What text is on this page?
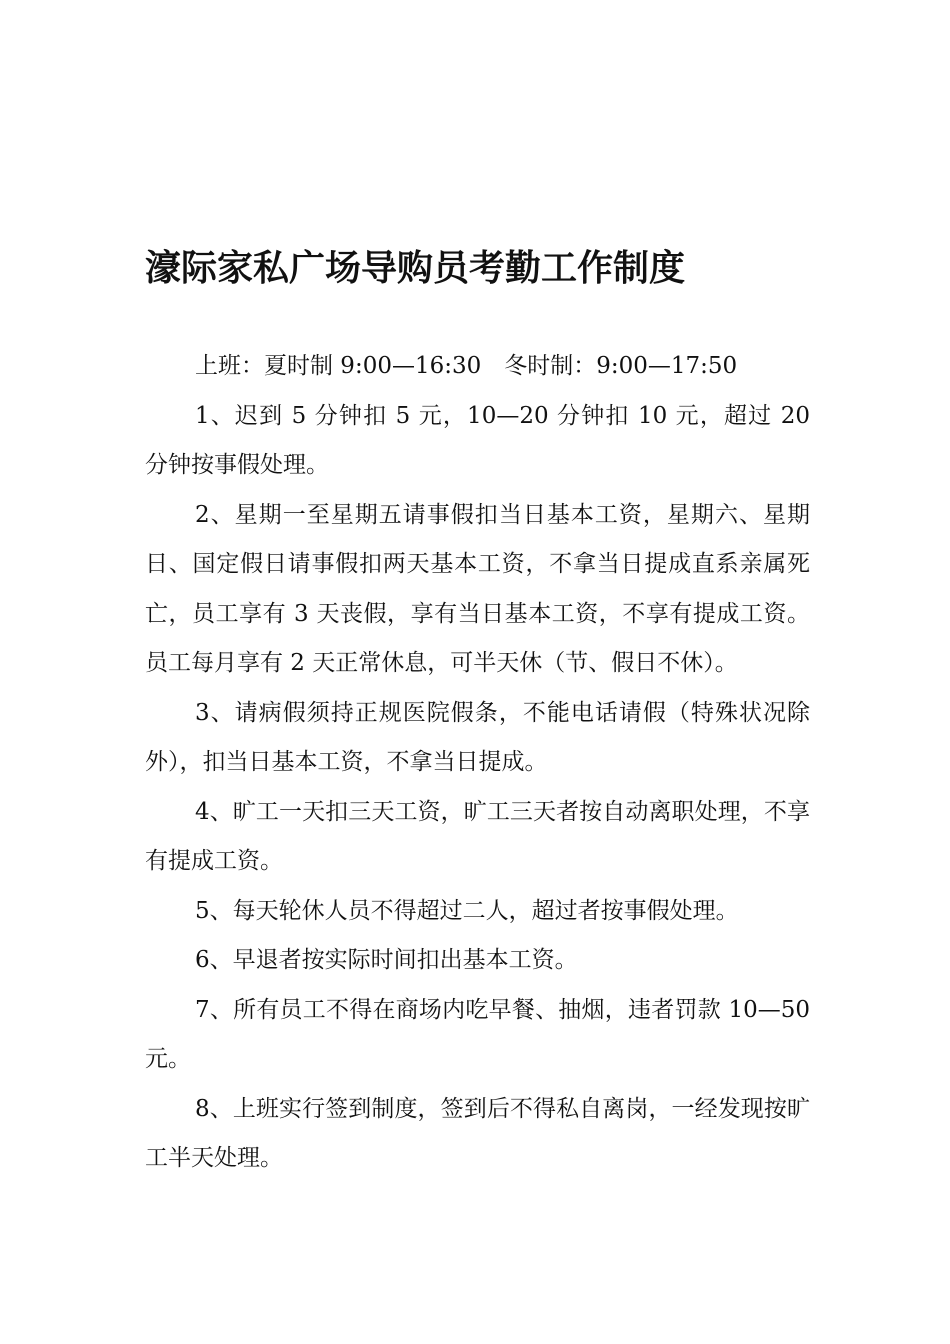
濠际家私广场导购员考勤工作制度

上班：夏时制 9:00—16:30　冬时制：9:00—17:50

1、迟到 5 分钟扣 5 元，10—20 分钟扣 10 元，超过 20 分钟按事假处理。

2、星期一至星期五请事假扣当日基本工资，星期六、星期日、国定假日请事假扣两天基本工资，不拿当日提成直系亲属死亡，员工享有 3 天丧假，享有当日基本工资，不享有提成工资。员工每月享有 2 天正常休息，可半天休（节、假日不休）。

3、请病假须持正规医院假条，不能电话请假（特殊状况除外），扣当日基本工资，不拿当日提成。

4、旷工一天扣三天工资，旷工三天者按自动离职处理，不享有提成工资。

5、每天轮休人员不得超过二人，超过者按事假处理。

6、早退者按实际时间扣出基本工资。

7、所有员工不得在商场内吃早餐、抽烟，违者罚款 10—50 元。

8、上班实行签到制度，签到后不得私自离岗，一经发现按旷工半天处理。
